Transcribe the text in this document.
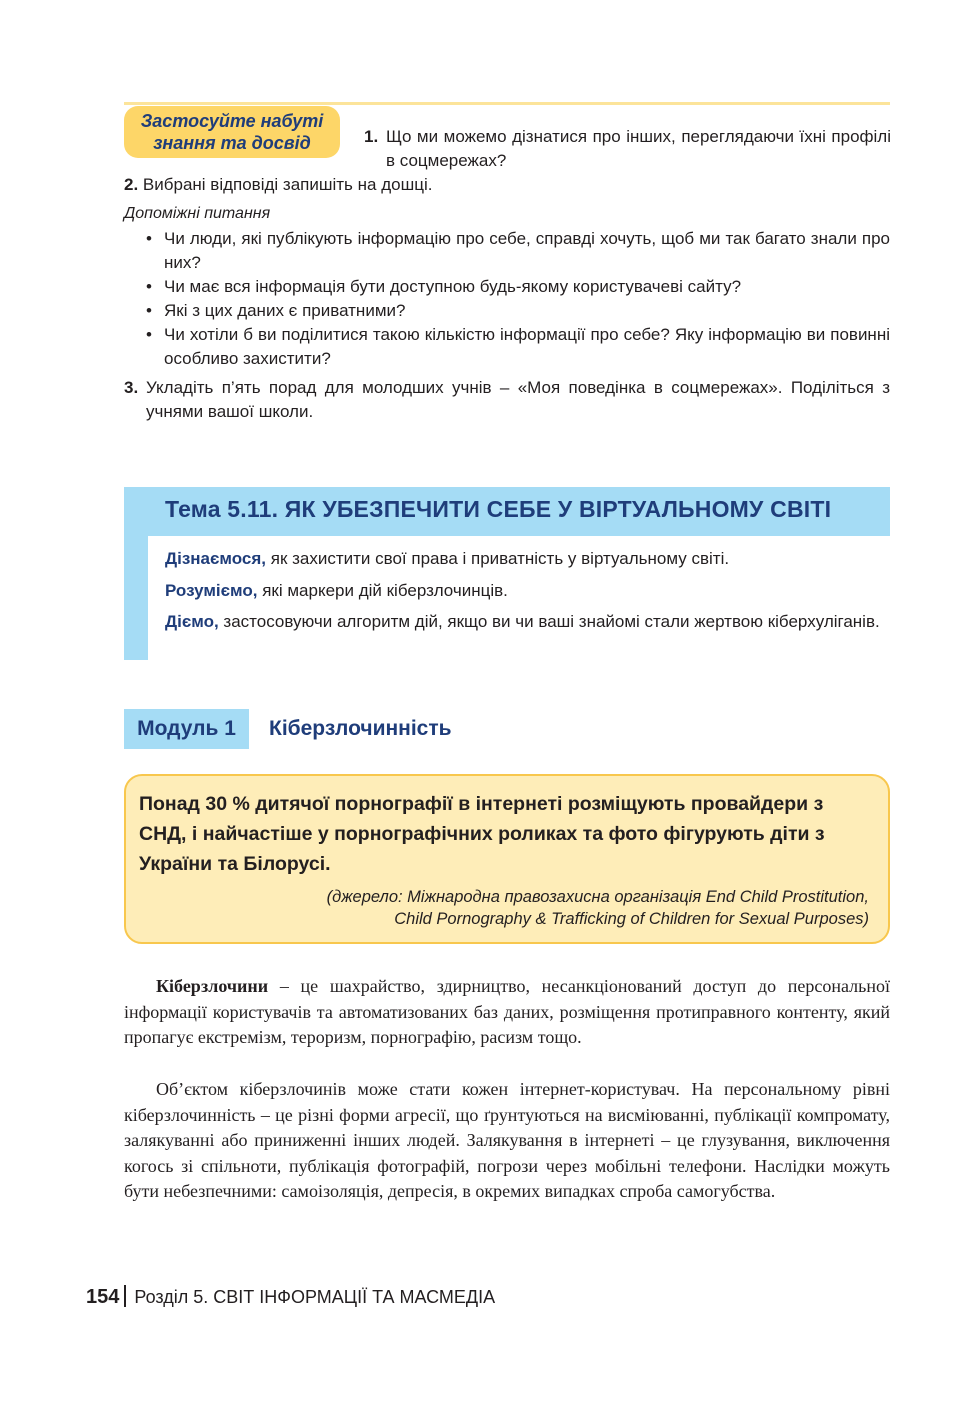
Застосуйте набуті
знання та досвід	1. Що ми можемо дізнатися про інших, переглядаючи їхні профілі в соцмережах?
2. Вибрані відповіді запишіть на дошці.
Допоміжні питання
• Чи люди, які публікують інформацію про себе, справді хочуть, щоб ми так багато знали про них?
• Чи має вся інформація бути доступною будь-якому користувачеві сайту?
• Які з цих даних є приватними?
• Чи хотіли б ви поділитися такою кількістю інформації про себе? Яку інформацію ви повинні особливо захистити?
3. Укладіть п’ять порад для молодших учнів – «Моя поведінка в соцмережах». Поділіться з учнями вашої школи.
Тема 5.11. ЯК УБЕЗПЕЧИТИ СЕБЕ У ВІРТУАЛЬНОМУ СВІТІ
Дізнаємося, як захистити свої права і приватність у віртуальному світі.
Розуміємо, які маркери дій кіберзлочинців.
Діємо, застосовуючи алгоритм дій, якщо ви чи ваші знайомі стали жертвою кіберхуліганів.
Модуль 1	Кіберзлочинність
Понад 30 % дитячої порнографії в інтернеті розміщують провайдери з СНД, і найчастіше у порнографічних роликах та фото фігурують діти з України та Білорусі.
(джерело: Міжнародна правозахисна організація End Child Prostitution,
Child Pornography & Trafficking of Children for Sexual Purposes)

Кіберзлочини – це шахрайство, здирництво, несанкціонований доступ до персональної інформації користувачів та автоматизованих баз даних, розміщення протиправного контенту, який пропагує екстремізм, тероризм, порнографію, расизм тощо.

Об’єктом кіберзлочинів може стати кожен інтернет-користувач. На персональному рівні кіберзлочинність – це різні форми агресії, що ґрунтуються на висміюванні, публікації компромату, залякуванні або приниженні інших людей. Залякування в інтернеті – це глузування, виключення когось зі спільноти, публікація фотографій, погрози через мобільні телефони. Наслідки можуть бути небезпечними: самоізоляція, депресія, в окремих випадках спроба самогубства.

154 Розділ 5. СВІТ ІНФОРМАЦІЇ ТА МАСМЕДІА
